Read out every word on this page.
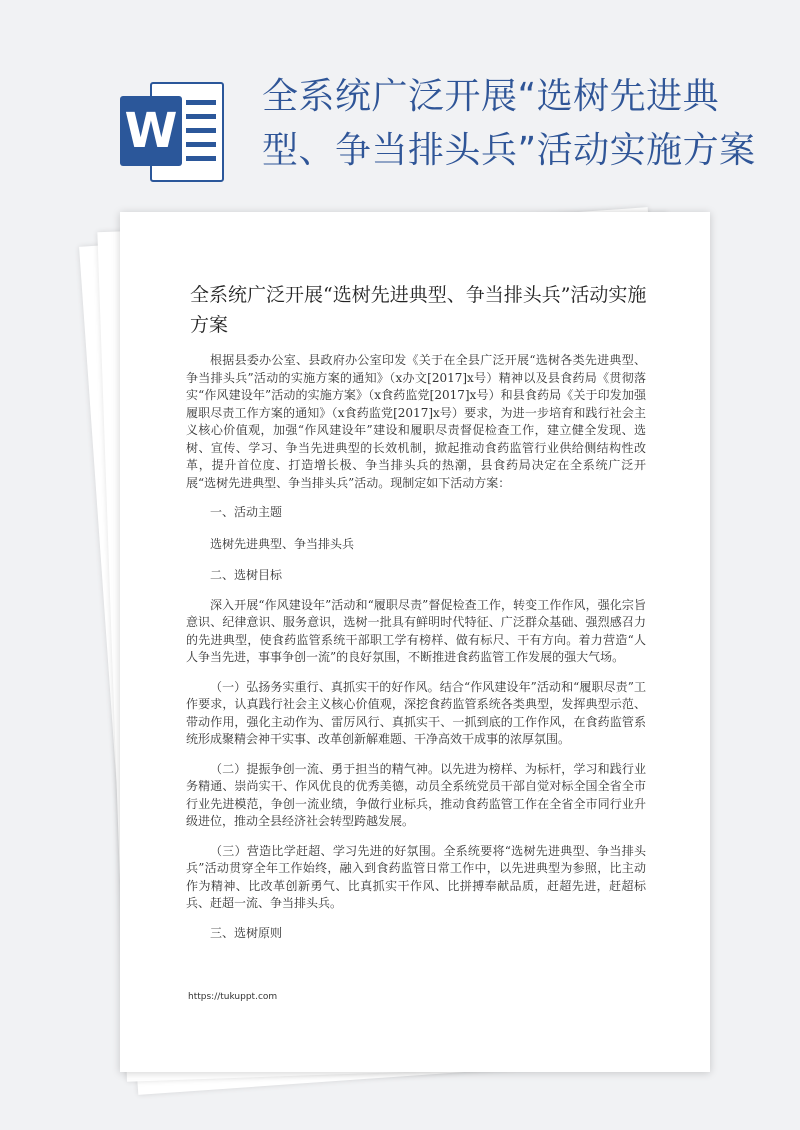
W
全系统广泛开展“选树先进典型、争当排头兵”活动实施方案
全系统广泛开展“选树先进典型、争当排头兵”活动实施方案

根据县委办公室、县政府办公室印发《关于在全县广泛开展“选树各类先进典型、争当排头兵”活动的实施方案的通知》（x办文[2017]x号）精神以及县食药局《贯彻落实“作风建设年”活动的实施方案》（x食药监党[2017]x号）和县食药局《关于印发加强履职尽责工作方案的通知》（x食药监党[2017]x号）要求，为进一步培育和践行社会主义核心价值观，加强“作风建设年”建设和履职尽责督促检查工作，建立健全发现、选树、宣传、学习、争当先进典型的长效机制，掀起推动食药监管行业供给侧结构性改革，提升首位度、打造增长极、争当排头兵的热潮，县食药局决定在全系统广泛开展“选树先进典型、争当排头兵”活动。现制定如下活动方案：

一、活动主题

选树先进典型、争当排头兵

二、选树目标

深入开展“作风建设年”活动和“履职尽责”督促检查工作，转变工作作风，强化宗旨意识、纪律意识、服务意识，选树一批具有鲜明时代特征、广泛群众基础、强烈感召力的先进典型，使食药监管系统干部职工学有榜样、做有标尺、干有方向。着力营造“人人争当先进，事事争创一流”的良好氛围，不断推进食药监管工作发展的强大气场。

（一）弘扬务实重行、真抓实干的好作风。结合“作风建设年”活动和“履职尽责”工作要求，认真践行社会主义核心价值观，深挖食药监管系统各类典型，发挥典型示范、带动作用，强化主动作为、雷厉风行、真抓实干、一抓到底的工作作风，在食药监管系统形成聚精会神干实事、改革创新解难题、干净高效干成事的浓厚氛围。

（二）提振争创一流、勇于担当的精气神。以先进为榜样、为标杆，学习和践行业务精通、崇尚实干、作风优良的优秀美德，动员全系统党员干部自觉对标全国全省全市行业先进模范，争创一流业绩，争做行业标兵，推动食药监管工作在全省全市同行业升级进位，推动全县经济社会转型跨越发展。

（三）营造比学赶超、学习先进的好氛围。全系统要将“选树先进典型、争当排头兵”活动贯穿全年工作始终，融入到食药监管日常工作中，以先进典型为参照，比主动作为精神、比改革创新勇气、比真抓实干作风、比拼搏奉献品质，赶超先进，赶超标兵、赶超一流、争当排头兵。

三、选树原则

https://tukuppt.com
